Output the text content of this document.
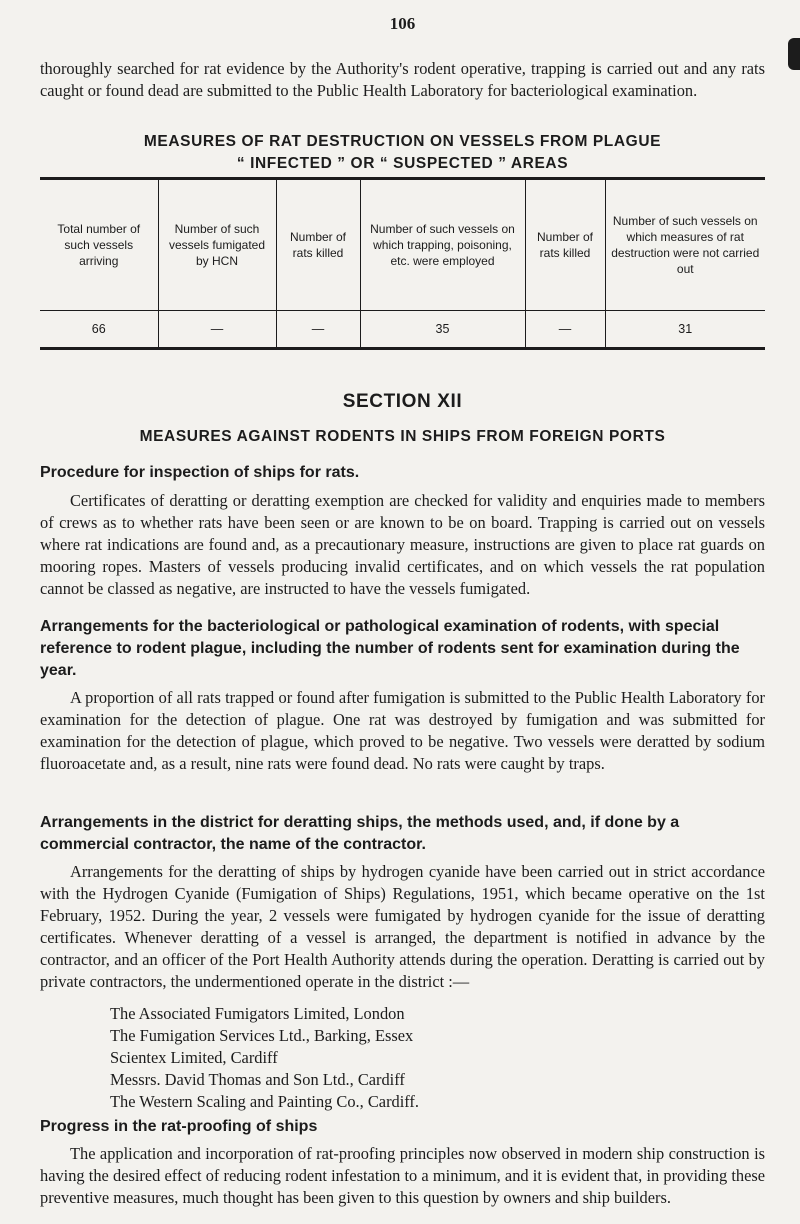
106

thoroughly searched for rat evidence by the Authority's rodent operative, trapping is carried out and any rats caught or found dead are submitted to the Public Health Laboratory for bacteriological examination.

MEASURES OF RAT DESTRUCTION ON VESSELS FROM PLAGUE
“ INFECTED ” OR “ SUSPECTED ” AREAS
Total number of such vessels arriving	Number of such vessels fumigated by HCN	Number of rats killed	Number of such vessels on which trapping, poisoning, etc. were employed	Number of rats killed	Number of such vessels on which measures of rat destruction were not carried out
66	—	—	35	—	31
SECTION XII
MEASURES AGAINST RODENTS IN SHIPS FROM FOREIGN PORTS

Procedure for inspection of ships for rats.

Certificates of deratting or deratting exemption are checked for validity and enquiries made to members of crews as to whether rats have been seen or are known to be on board. Trapping is carried out on vessels where rat indications are found and, as a precautionary measure, instructions are given to place rat guards on mooring ropes. Masters of vessels producing invalid certificates, and on which vessels the rat population cannot be classed as negative, are instructed to have the vessels fumigated.

Arrangements for the bacteriological or pathological examination of rodents, with special reference to rodent plague, including the number of rodents sent for examination during the year.

A proportion of all rats trapped or found after fumigation is submitted to the Public Health Laboratory for examination for the detection of plague. One rat was destroyed by fumigation and was submitted for examination for the detection of plague, which proved to be negative. Two vessels were deratted by sodium fluoroacetate and, as a result, nine rats were found dead. No rats were caught by traps.

Arrangements in the district for deratting ships, the methods used, and, if done by a commercial contractor, the name of the contractor.

Arrangements for the deratting of ships by hydrogen cyanide have been carried out in strict accordance with the Hydrogen Cyanide (Fumigation of Ships) Regulations, 1951, which became operative on the 1st February, 1952. During the year, 2 vessels were fumigated by hydrogen cyanide for the issue of deratting certificates. Whenever deratting of a vessel is arranged, the department is notified in advance by the contractor, and an officer of the Port Health Authority attends during the operation. Deratting is carried out by private contractors, the undermentioned operate in the district :—

The Associated Fumigators Limited, London
The Fumigation Services Ltd., Barking, Essex
Scientex Limited, Cardiff
Messrs. David Thomas and Son Ltd., Cardiff
The Western Scaling and Painting Co., Cardiff.

Progress in the rat-proofing of ships

The application and incorporation of rat-proofing principles now observed in modern ship construction is having the desired effect of reducing rodent infestation to a minimum, and it is evident that, in providing these preventive measures, much thought has been given to this question by owners and ship builders.
